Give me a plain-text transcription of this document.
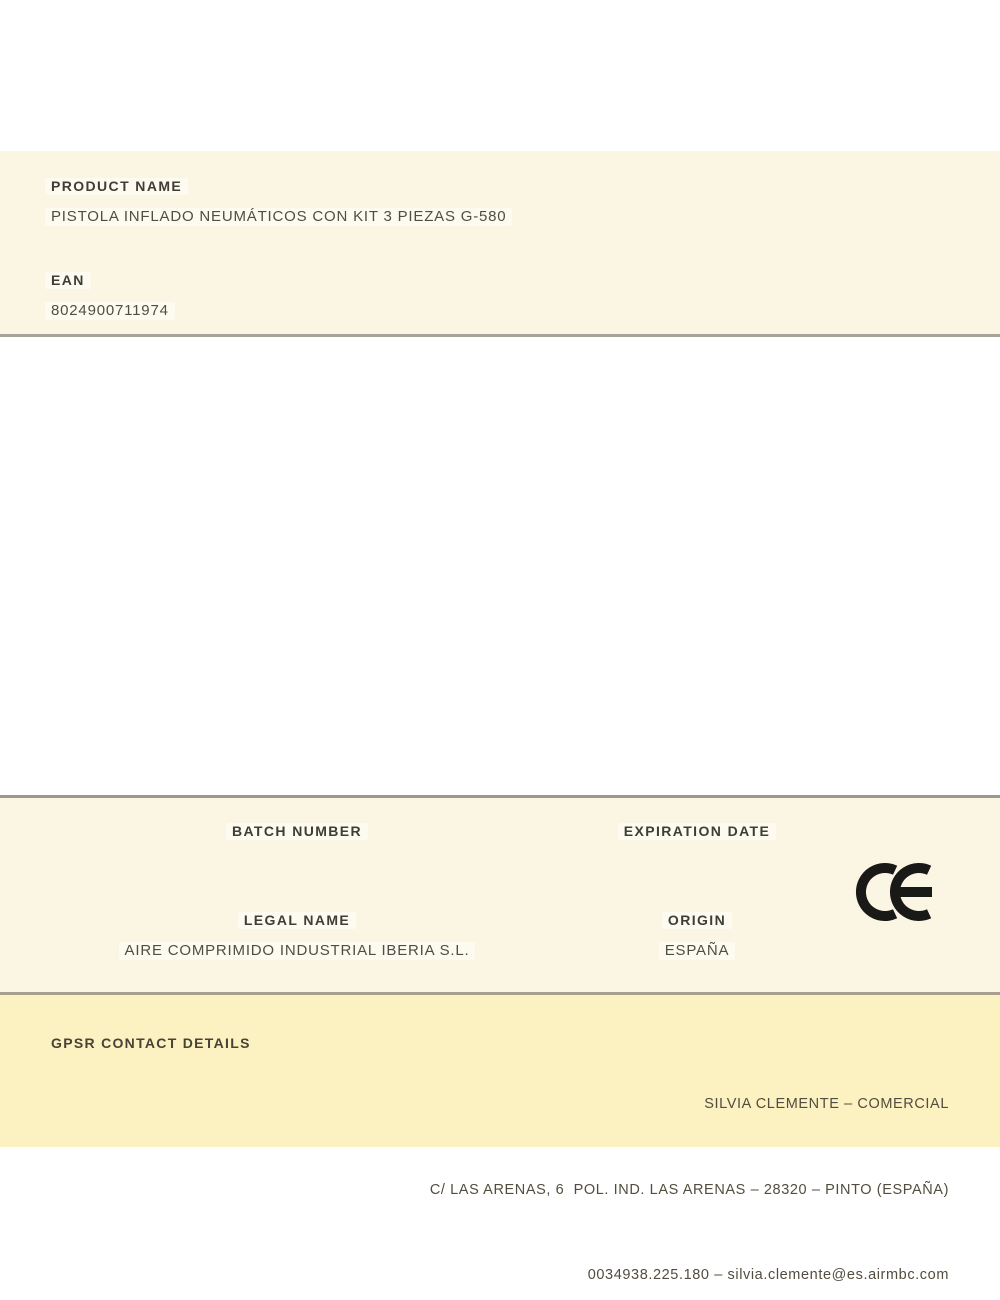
PRODUCT NAME
PISTOLA INFLADO NEUMÁTICOS CON KIT 3 PIEZAS G-580
EAN
8024900711974
BATCH NUMBER	EXPIRATION DATE
LEGAL NAME	ORIGIN
AIRE COMPRIMIDO INDUSTRIAL IBERIA S.L.	ESPAÑA
GPSR CONTACT DETAILS

SILVIA CLEMENTE – COMERCIAL

C/ LAS ARENAS, 6  POL. IND. LAS ARENAS – 28320 – PINTO (ESPAÑA)

0034938.225.180 – silvia.clemente@es.airmbc.com
